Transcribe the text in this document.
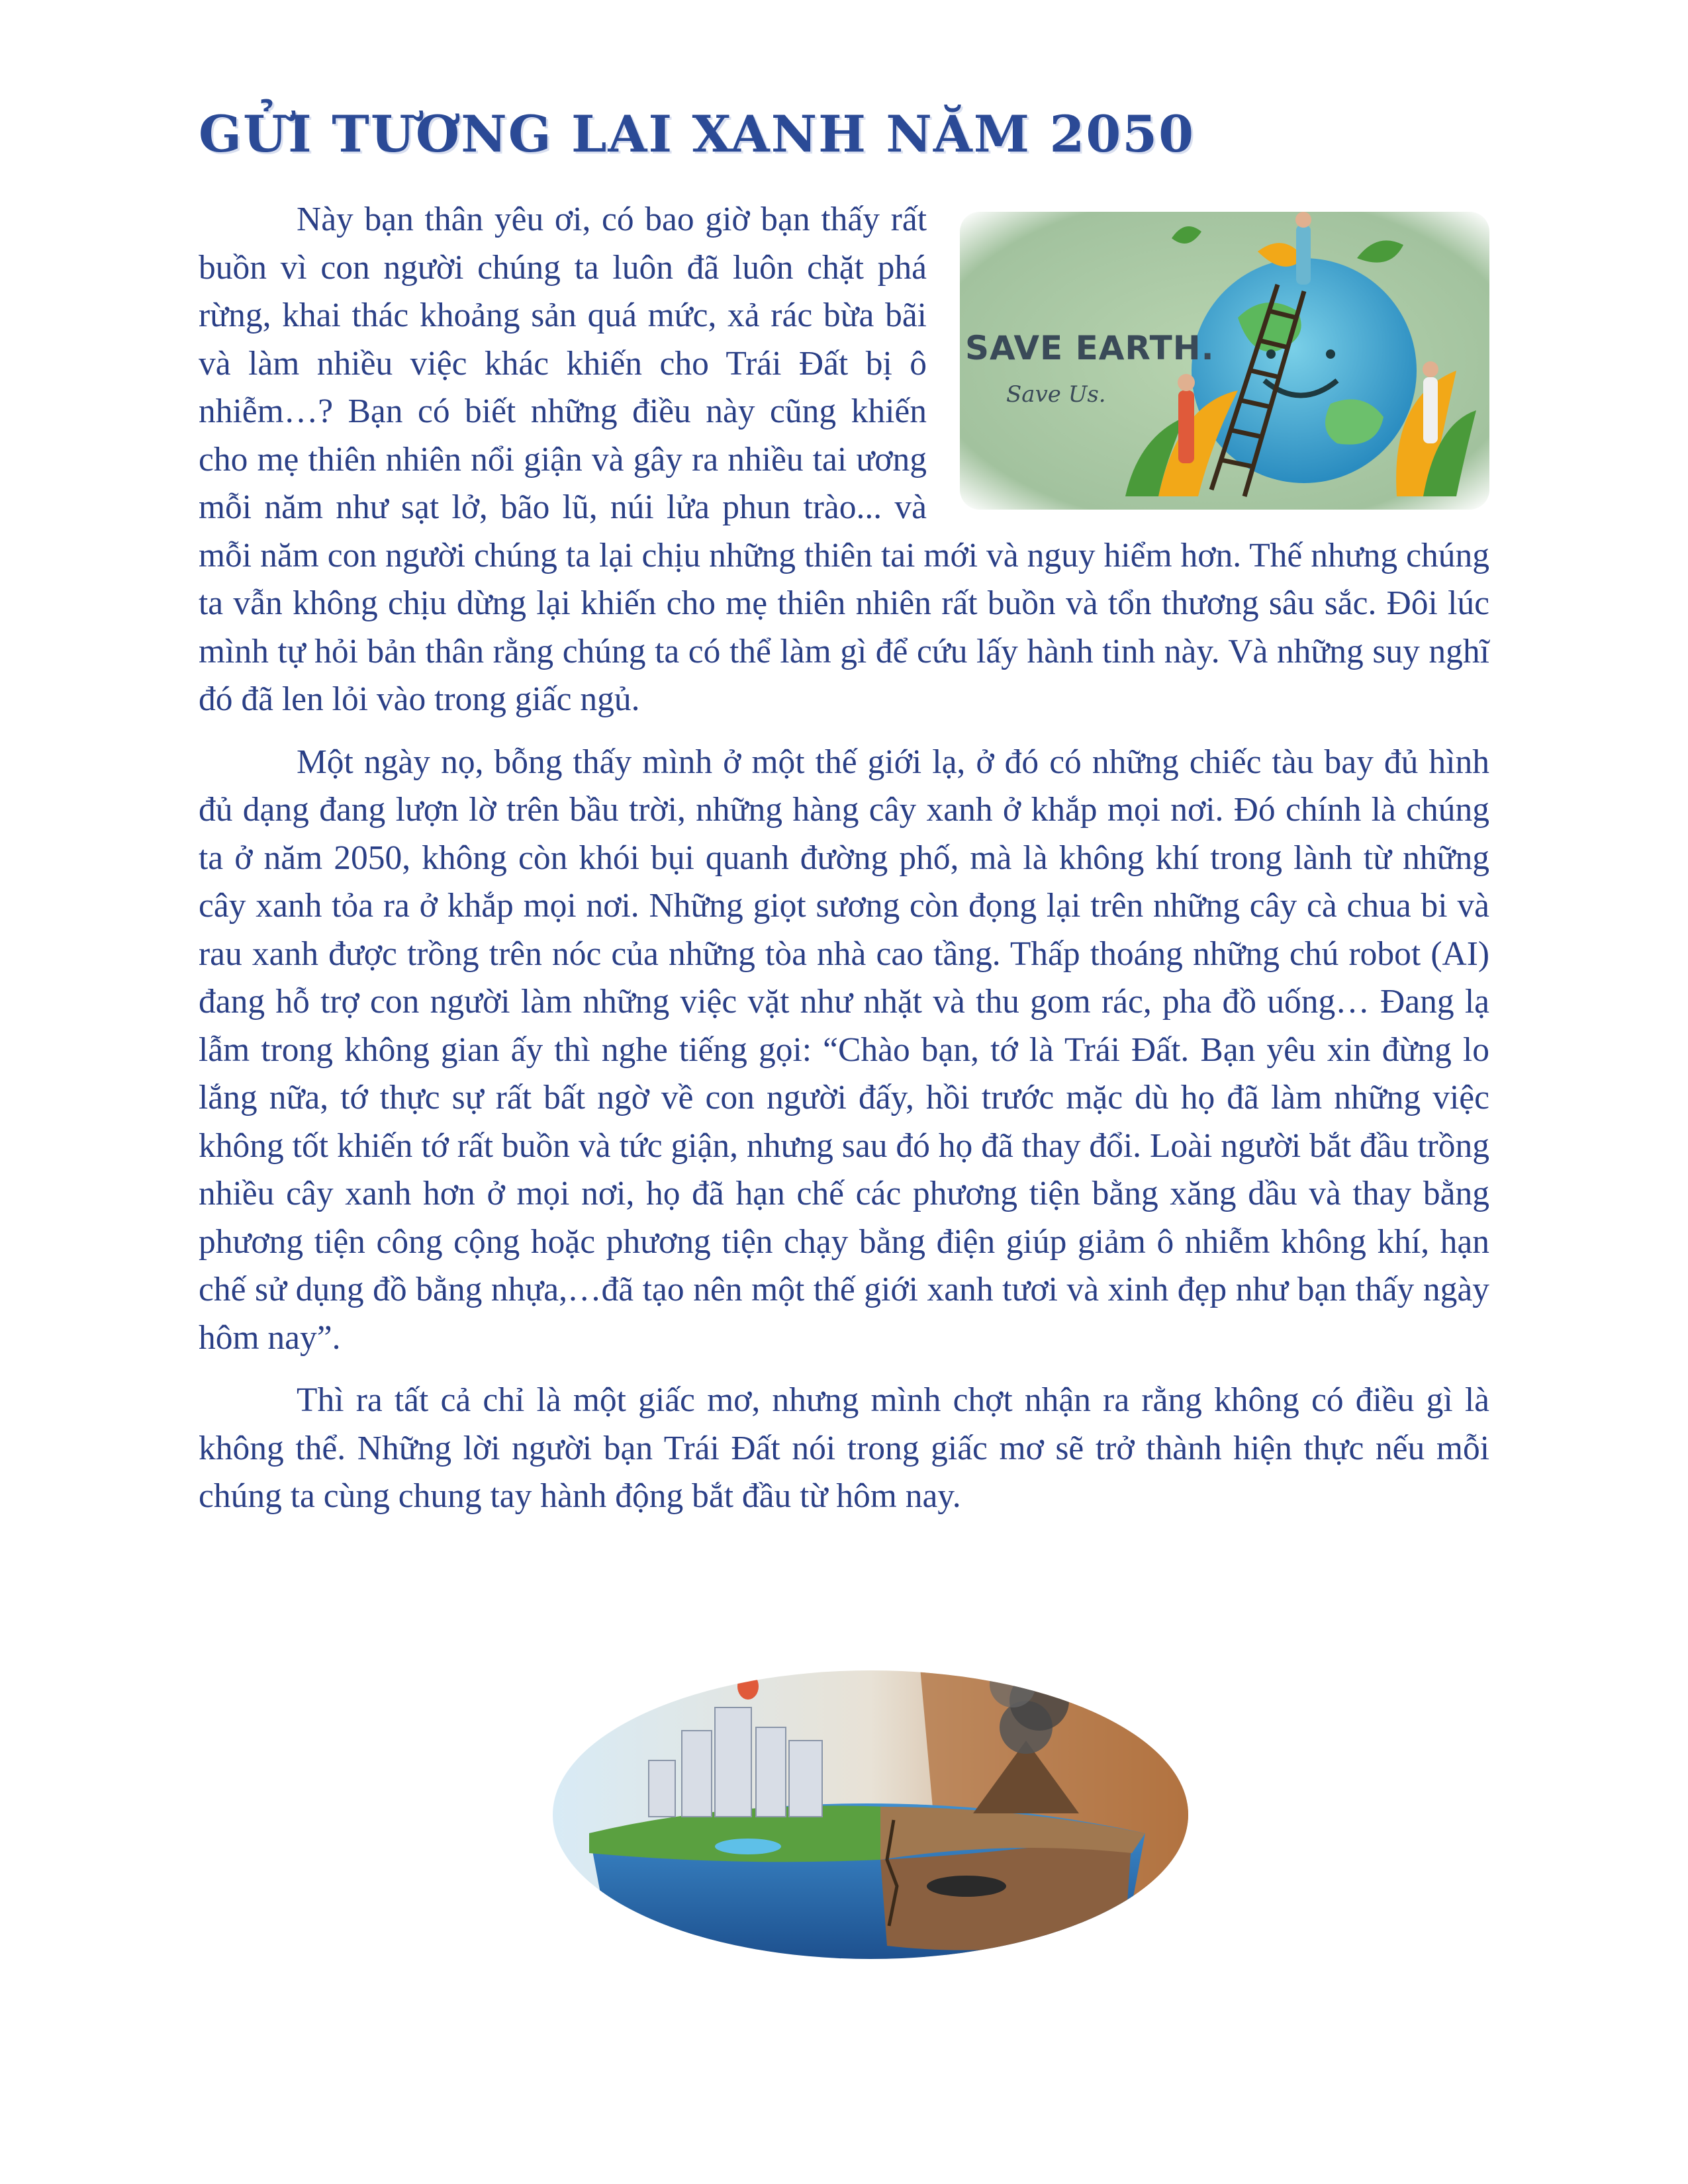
GỬI TƯƠNG LAI XANH NĂM 2050
SAVE EARTH.
Save Us.

Này bạn thân yêu ơi, có bao giờ bạn thấy rất buồn vì con người chúng ta luôn đã luôn chặt phá rừng, khai thác khoảng sản quá mức, xả rác bừa bãi và làm nhiều việc khác khiến cho Trái Đất bị ô nhiễm…? Bạn có biết những điều này cũng khiến cho mẹ thiên nhiên nổi giận và gây ra nhiều tai ương mỗi năm như sạt lở, bão lũ, núi lửa phun trào... và mỗi năm con người chúng ta lại chịu những thiên tai mới và nguy hiểm hơn. Thế nhưng chúng ta vẫn không chịu dừng lại khiến cho mẹ thiên nhiên rất buồn và tổn thương sâu sắc. Đôi lúc mình tự hỏi bản thân rằng chúng ta có thể làm gì để cứu lấy hành tinh này. Và những suy nghĩ đó đã len lỏi vào trong giấc ngủ.

Một ngày nọ, bỗng thấy mình ở một thế giới lạ, ở đó có những chiếc tàu bay đủ hình đủ dạng đang lượn lờ trên bầu trời, những hàng cây xanh ở khắp mọi nơi. Đó chính là chúng ta ở năm 2050, không còn khói bụi quanh đường phố, mà là không khí trong lành từ những cây xanh tỏa ra ở khắp mọi nơi. Những giọt sương còn đọng lại trên những cây cà chua bi và rau xanh được trồng trên nóc của những tòa nhà cao tầng. Thấp thoáng những chú robot (AI) đang hỗ trợ con người làm những việc vặt như nhặt và thu gom rác, pha đồ uống… Đang lạ lẫm trong không gian ấy thì nghe tiếng gọi: “Chào bạn, tớ là Trái Đất. Bạn yêu xin đừng lo lắng nữa, tớ thực sự rất bất ngờ về con người đấy, hồi trước mặc dù họ đã làm những việc không tốt khiến tớ rất buồn và tức giận, nhưng sau đó họ đã thay đổi. Loài người bắt đầu trồng nhiều cây xanh hơn ở mọi nơi, họ đã hạn chế các phương tiện bằng xăng dầu và thay bằng phương tiện công cộng hoặc phương tiện chạy bằng điện giúp giảm ô nhiễm không khí, hạn chế sử dụng đồ bằng nhựa,…đã tạo nên một thế giới xanh tươi và xinh đẹp như bạn thấy ngày hôm nay”.

Thì ra tất cả chỉ là một giấc mơ, nhưng mình chợt nhận ra rằng không có điều gì là không thể. Những lời người bạn Trái Đất nói trong giấc mơ sẽ trở thành hiện thực nếu mỗi chúng ta cùng chung tay hành động bắt đầu từ hôm nay.
